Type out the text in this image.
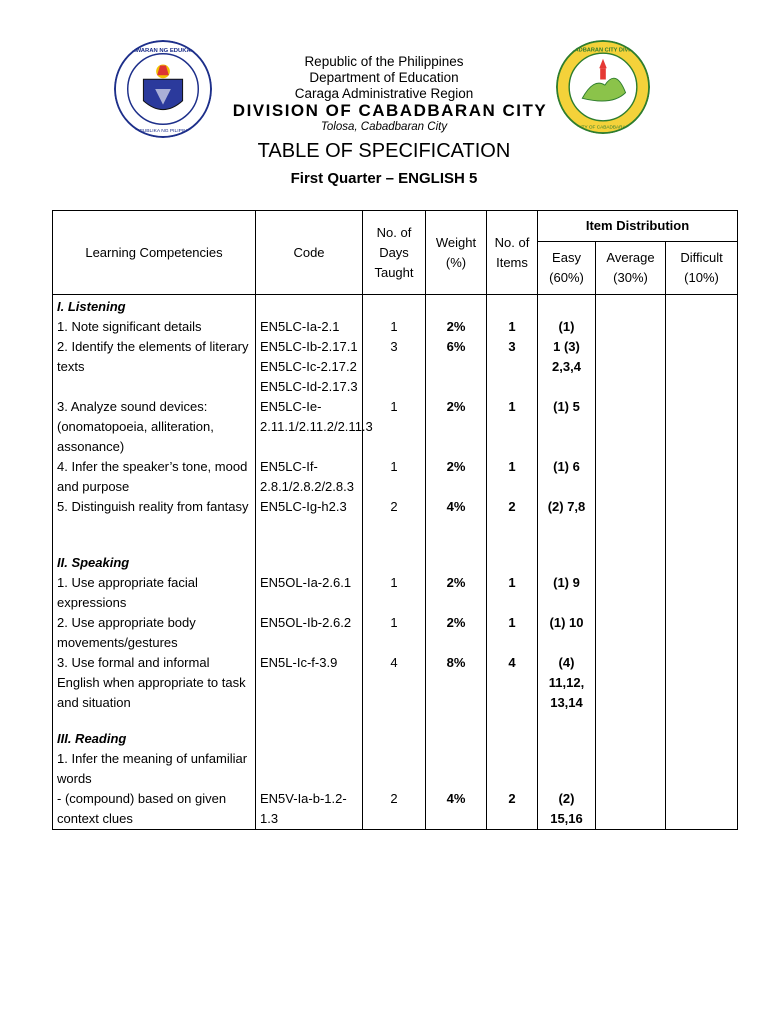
KAGAWARAN NG EDUKASYON
REPUBLIKA NG PILIPINAS
CABADBARAN CITY DIVISION
CITY OF CABADBARAN
Republic of the Philippines
Department of Education
Caraga Administrative Region
DIVISION OF CABADBARAN CITY
Tolosa, Cabadbaran City
TABLE OF SPECIFICATION
First Quarter – ENGLISH 5
Learning Competencies	Code	No. of Days Taught	Weight (%)	No. of Items	Item Distribution		
					Easy (60%)	Average (30%)	Difficult (10%)
I. Listening							
1. Note significant details	EN5LC-Ia-2.1	1	2%	1	(1)		
2. Identify the elements of literary texts	EN5LC-Ib-2.17.1 EN5LC-Ic-2.17.2 EN5LC-Id-2.17.3	3	6%	3	1 (3) 2,3,4		
3. Analyze sound devices: (onomatopoeia, alliteration, assonance)	EN5LC-Ie-2.11.1/2.11.2/2.11.3	1	2%	1	(1) 5		
4. Infer the speaker’s tone, mood and purpose	EN5LC-If-2.8.1/2.8.2/2.8.3	1	2%	1	(1) 6		
5. Distinguish reality from fantasy	EN5LC-Ig-h2.3	2	4%	2	(2) 7,8		
II. Speaking							
1. Use appropriate facial expressions	EN5OL-Ia-2.6.1	1	2%	1	(1) 9		
2. Use appropriate body movements/gestures	EN5OL-Ib-2.6.2	1	2%	1	(1) 10		
3. Use formal and informal English when appropriate to task and situation	EN5L-Ic-f-3.9	4	8%	4	(4) 11,12, 13,14		
III. Reading							
1. Infer the meaning of unfamiliar words							
- (compound) based on given context clues	EN5V-Ia-b-1.2-1.3	2	4%	2	(2) 15,16		
